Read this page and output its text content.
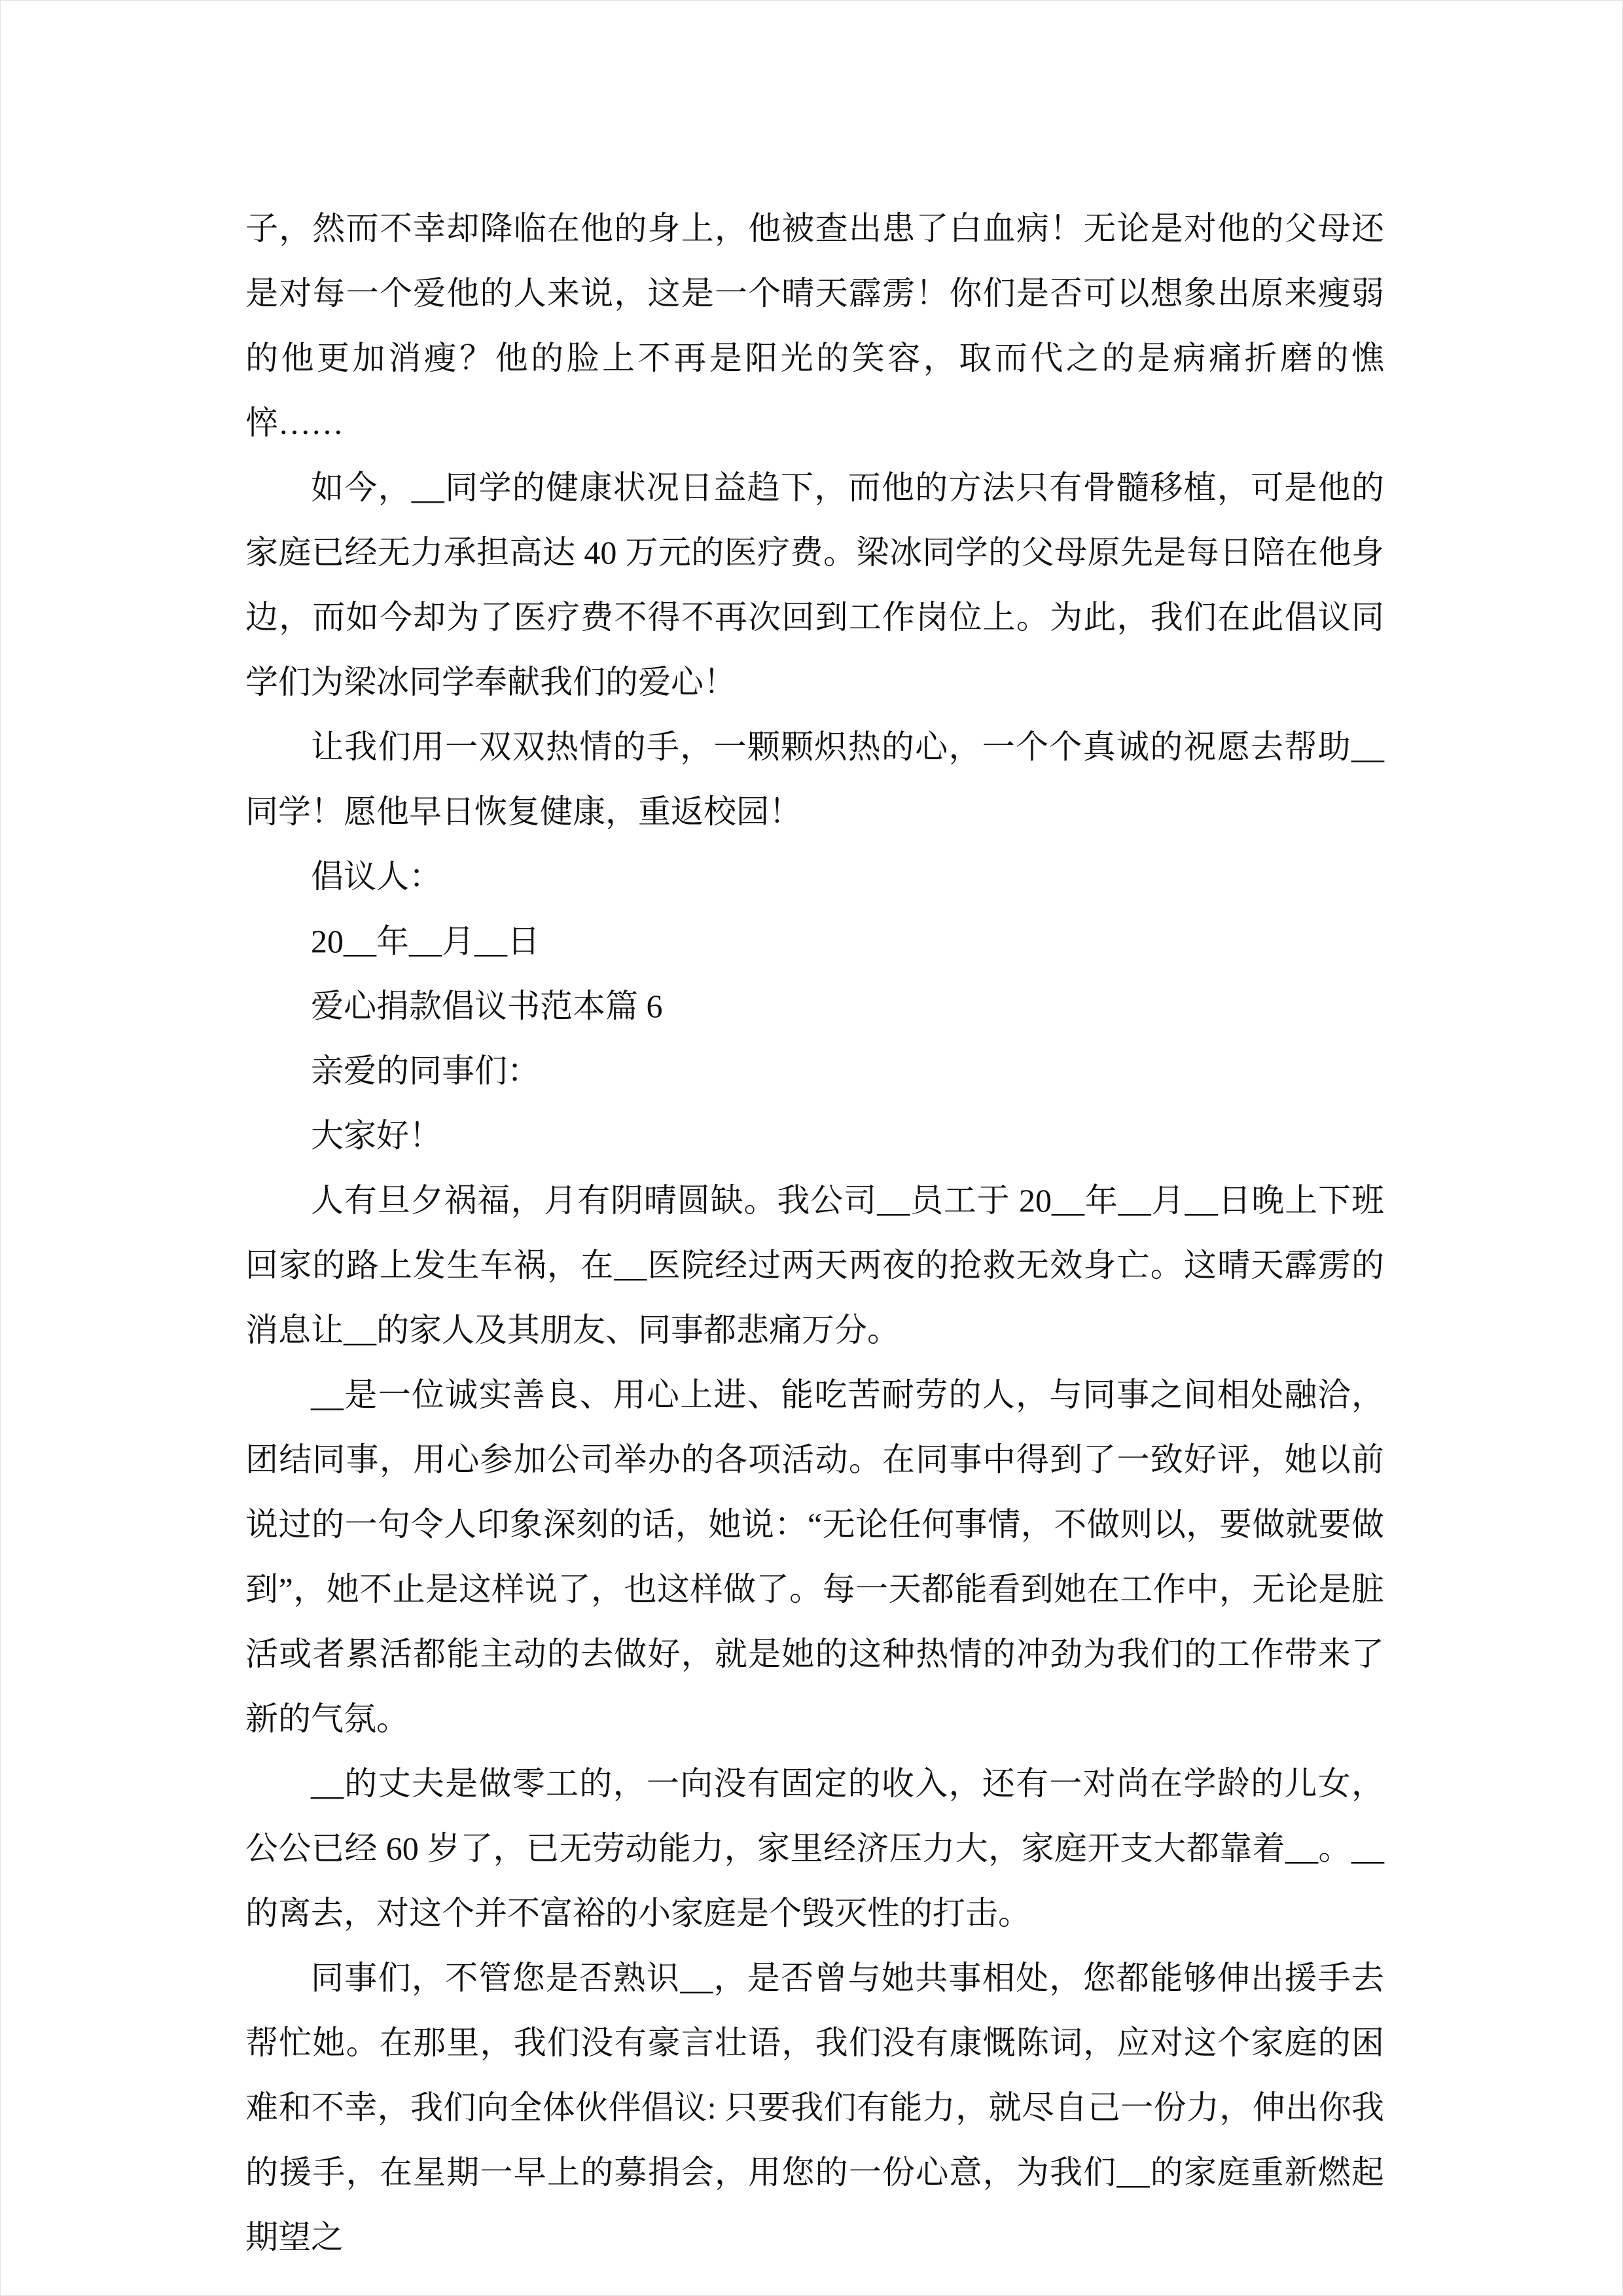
子，然而不幸却降临在他的身上，他被查出患了白血病！无论是对他的父母还是对每一个爱他的人来说，这是一个晴天霹雳！你们是否可以想象出原来瘦弱的他更加消瘦？他的脸上不再是阳光的笑容，取而代之的是病痛折磨的憔悴……

如今，__同学的健康状况日益趋下，而他的方法只有骨髓移植，可是他的家庭已经无力承担高达 40 万元的医疗费。梁冰同学的父母原先是每日陪在他身边，而如今却为了医疗费不得不再次回到工作岗位上。为此，我们在此倡议同学们为梁冰同学奉献我们的爱心！

让我们用一双双热情的手，一颗颗炽热的心，一个个真诚的祝愿去帮助__同学！愿他早日恢复健康，重返校园！

倡议人：

20__年__月__日

爱心捐款倡议书范本篇 6

亲爱的同事们：

大家好！

人有旦夕祸福，月有阴晴圆缺。我公司__员工于 20__年__月__日晚上下班回家的路上发生车祸，在__医院经过两天两夜的抢救无效身亡。这晴天霹雳的消息让__的家人及其朋友、同事都悲痛万分。

__是一位诚实善良、用心上进、能吃苦耐劳的人，与同事之间相处融洽，团结同事，用心参加公司举办的各项活动。在同事中得到了一致好评，她以前说过的一句令人印象深刻的话，她说：“无论任何事情，不做则以，要做就要做到”，她不止是这样说了，也这样做了。每一天都能看到她在工作中，无论是脏活或者累活都能主动的去做好，就是她的这种热情的冲劲为我们的工作带来了新的气氛。

__的丈夫是做零工的，一向没有固定的收入，还有一对尚在学龄的儿女，公公已经 60 岁了，已无劳动能力，家里经济压力大，家庭开支大都靠着__。__的离去，对这个并不富裕的小家庭是个毁灭性的打击。

同事们，不管您是否熟识__，是否曾与她共事相处，您都能够伸出援手去帮忙她。在那里，我们没有豪言壮语，我们没有康慨陈词，应对这个家庭的困难和不幸，我们向全体伙伴倡议: 只要我们有能力，就尽自己一份力，伸出你我的援手，在星期一早上的募捐会，用您的一份心意，为我们__的家庭重新燃起期望之
